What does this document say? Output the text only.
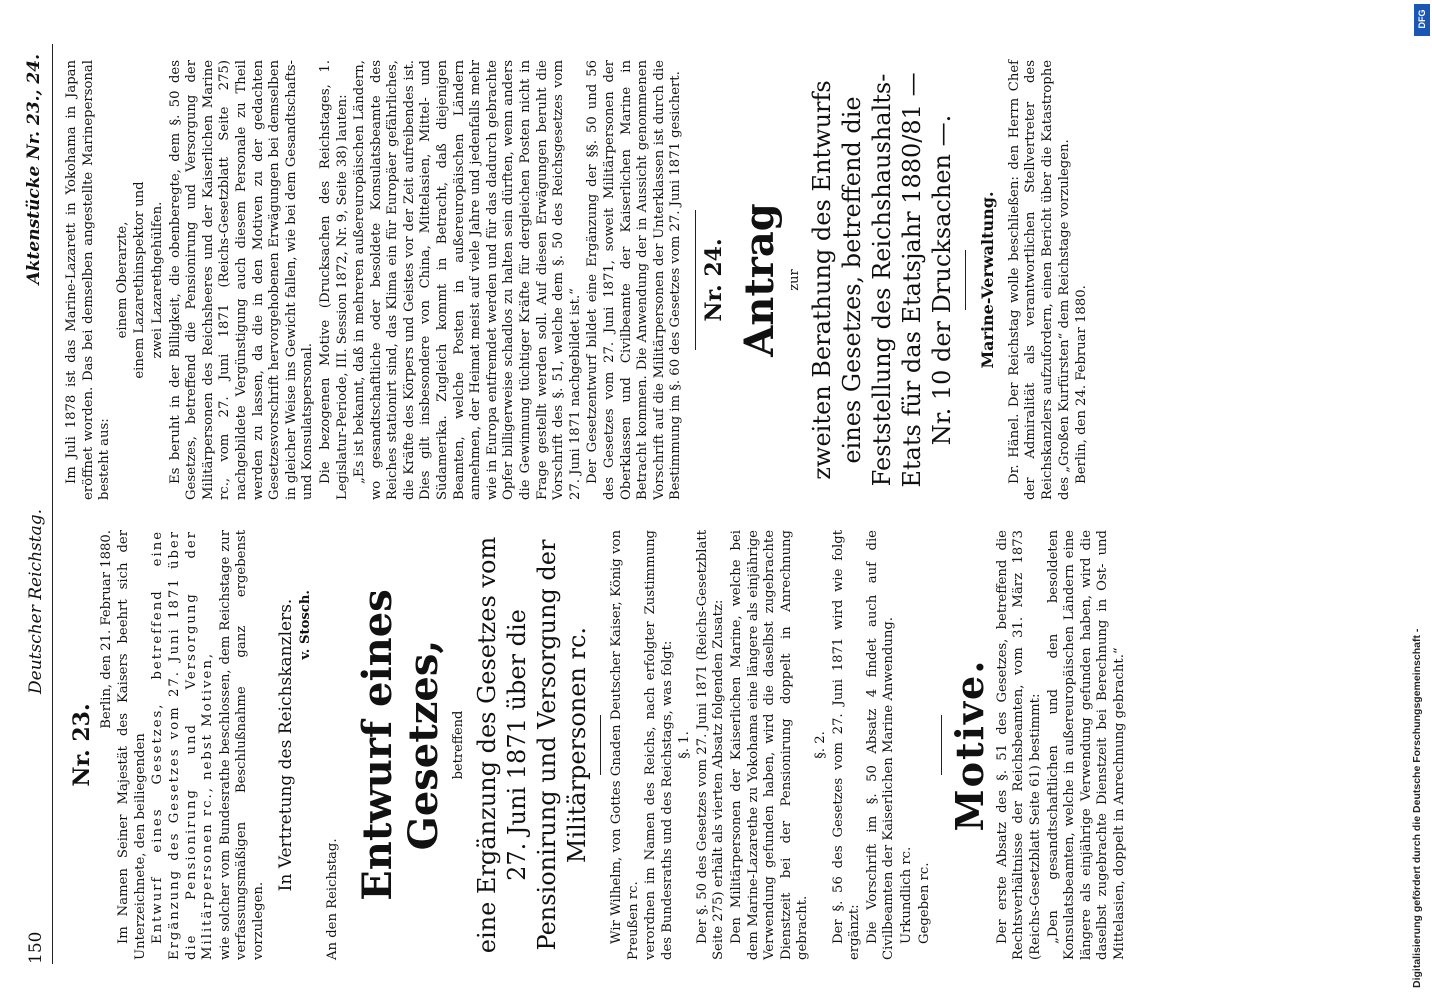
150
Deutscher Reichstag.
Aktenstücke Nr. 23., 24.
Nr. 23.

Berlin, den 21. Februar 1880. Im Namen Seiner Majestät des Kaisers beehrt sich der Unterzeichnete, den beiliegenden Entwurf eines Gesetzes, betreffend eine Ergänzung des Gesetzes vom 27. Juni 1871 über die Pensionirung und Versorgung der Militärpersonen rc., nebst Motiven, wie solcher vom Bundesrathe beschlossen, dem Reichstage zur verfassungsmäßigen Beschlußnahme ganz ergebenst vorzulegen.

In Vertretung des Reichskanzlers. v. Stosch.

An den Reichstag. Entwurf eines Gesetzes, betreffend eine Ergänzung des Gesetzes vom 27. Juni 1871 über die Pensionirung und Versorgung der Militärpersonen rc. Wir Wilhelm, von Gottes Gnaden Deutscher Kaiser, König von Preußen rc. verordnen im Namen des Reichs, nach erfolgter Zustimmung des Bundesraths und des Reichstags, was folgt: §. 1. Der §. 50 des Gesetzes vom 27. Juni 1871 (Reichs-Gesetzblatt Seite 275) erhält als vierten Absatz folgenden Zusatz: Den Militärpersonen der Kaiserlichen Marine, welche bei dem Marine-Lazarethe zu Yokohama eine längere als einjährige Verwendung gefunden haben, wird die daselbst zugebrachte Dienstzeit bei der Pensionirung doppelt in Anrechnung gebracht.

§. 2. Der §. 56 des Gesetzes vom 27. Juni 1871 wird wie folgt ergänzt: Die Vorschrift im §. 50 Absatz 4 findet auch auf die Civilbeamten der Kaiserlichen Marine Anwendung. Urkundlich rc. Gegeben rc.

Motive. Der erste Absatz des §. 51 des Gesetzes, betreffend die Rechtsverhältnisse der Reichsbeamten, vom 31. März 1873 (Reichs-Gesetzblatt Seite 61) bestimmt: „Den gesandtschaftlichen und den besoldeten Konsulatsbeamten, welche in außereuropäischen Ländern eine längere als einjährige Verwendung gefunden haben, wird die daselbst zugebrachte Dienstzeit bei Berechnung in Ost- und Mittelasien, doppelt in Anrechnung gebracht.“

Im Juli 1878 ist das Marine-Lazarett in Yokohama in Japan eröffnet worden. Das bei demselben angestellte Marinepersonal besteht aus:

einem Oberarzte, einem Lazarethinspektor und zwei Lazarethgehülfen. Es beruht in der Billigkeit, die obenberegte, dem §. 50 des Gesetzes, betreffend die Pensionirung und Versorgung der Militärpersonen des Reichsheeres und der Kaiserlichen Marine rc., vom 27. Juni 1871 (Reichs-Gesetzblatt Seite 275) nachgebildete Vergünstigung auch diesem Personale zu Theil werden zu lassen, da die in den Motiven zu der gedachten Gesetzesvorschrift hervorgehobenen Erwägungen bei demselben in gleicher Weise ins Gewicht fallen, wie bei dem Gesandtschafts- und Konsulatspersonal. Die bezogenen Motive (Drucksachen des Reichstages, 1. Legislatur-Periode, III. Session 1872, Nr. 9, Seite 38) lauten: „Es ist bekannt, daß in mehreren außereuropäischen Ländern, wo gesandtschaftliche oder besoldete Konsulatsbeamte des Reiches stationirt sind, das Klima ein für Europäer gefährliches, die Kräfte des Körpers und Geistes vor der Zeit aufreibendes ist. Dies gilt insbesondere von China, Mittelasien, Mittel- und Südamerika. Zugleich kommt in Betracht, daß diejenigen Beamten, welche Posten in außereuropäischen Ländern annehmen, der Heimat meist auf viele Jahre und jedenfalls mehr wie in Europa entfremdet werden und für das dadurch gebrachte Opfer billigerweise schadlos zu halten sein dürften, wenn anders die Gewinnung tüchtiger Kräfte für dergleichen Posten nicht in Frage gestellt werden soll. Auf diesen Erwägungen beruht die Vorschrift des §. 51, welche dem §. 50 des Reichsgesetzes vom 27. Juni 1871 nachgebildet ist.“ Der Gesetzentwurf bildet eine Ergänzung der §§. 50 und 56 des Gesetzes vom 27. Juni 1871, soweit Militärpersonen der Oberklassen und Civilbeamte der Kaiserlichen Marine in Betracht kommen. Die Anwendung der in Aussicht genommenen Vorschrift auf die Militärpersonen der Unterklassen ist durch die Bestimmung im §. 60 des Gesetzes vom 27. Juni 1871 gesichert. Nr. 24. Antrag zur zweiten Berathung des Entwurfs eines Gesetzes, betreffend die Feststellung des Reichshaushalts-Etats für das Etatsjahr 1880/81 — Nr. 10 der Drucksachen —. Marine-Verwaltung. Dr. Hänel. Der Reichstag wolle beschließen: den Herrn Chef der Admiralität als verantwortlichen Stellvertreter des Reichskanzlers aufzufordern, einen Bericht über die Katastrophe des „Großen Kurfürsten“ dem Reichstage vorzulegen. Berlin, den 24. Februar 1880.

Digitalisierung gefördert durch die Deutsche Forschungsgemeinschaft -
DFG
